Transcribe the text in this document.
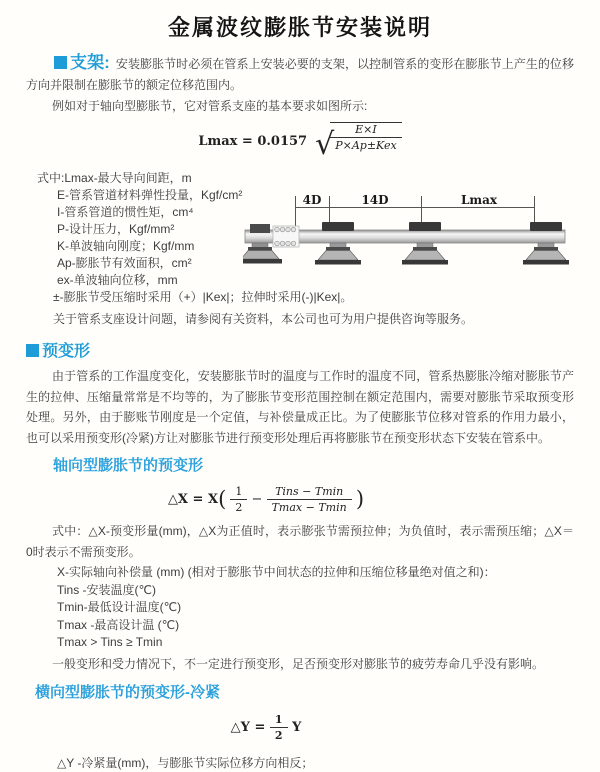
金属波纹膨胀节安装说明
支架: 安装膨胀节时必须在管系上安装必要的支架，以控制管系的变形在膨胀节上产生的位移方向并限制在膨胀节的额定位移范围内。
例如对于轴向型膨胀节，它对管系支座的基本要求如图所示:
Lmax = 0.0157 √
$\frac{E\times I}{\text{P×Ap±Kex}}$
式中:Lmax-最大导向间距，m
E-管系管道材料弹性投量，Kgf/cm²
I-管系管道的惯性矩，cm⁴
P-设计压力，Kgf/mm²
K-单波轴向刚度；Kgf/mm
Ap-膨胀节有效面积，cm²
ex-单波轴向位移，mm
±-膨胀节受压缩时采用（+）|Kex|；拉伸时采用(-)|Kex|。
关于管系支座设计问题，请参阅有关资料，本公司也可为用户提供咨询等服务。
4D	14D	Lmax
预变形
由于管系的工作温度变化，安装膨胀节时的温度与工作时的温度不同，管系热膨胀冷缩对膨胀节产生的拉伸、压缩量常常是不均等的，为了膨胀节变形范围控制在额定范围内，需要对膨胀节采取预变形处理。另外，由于膨账节刚度是一个定值，与补偿量成正比。为了使膨胀节位移对管系的作用力最小，也可以采用预变形(冷紧)方让对膨胀节进行预变形处理后再将膨胀节在预变形状态下安装在管系中。
轴向型膨胀节的预变形
△X = $X( \frac{1}{2} - \frac{\text{Tins − Tmin}}{Tmax - Tmin}$ )
式中：△X-预变形量(mm)，△X为正值时，表示膨张节需预拉伸；为负值时，表示需预压缩；△X＝0时表示不需预变形。
X-实际轴向补偿量 (mm) (相对于膨胀节中间状态的拉伸和压缩位移量绝对值之和)：
Tins -安装温度(℃)
Tmin-最低设计温度(℃)
Tmax -最高设计温 (℃)
Tmax > Tins ≥ Tmin
一般变形和受力情况下，不一定进行预变形，足否预变形对膨胀节的疲劳寿命几乎没有影响。
横向型膨胀节的预变形-冷紧
△Y = $\frac{1}{2}$ Y
△Y -冷紧量(mm)，与膨胀节实际位移方向相反；
